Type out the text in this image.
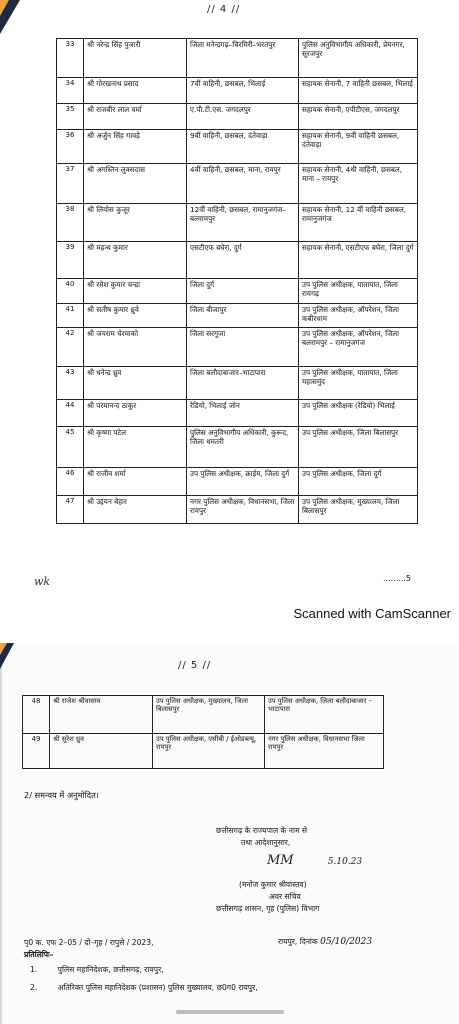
// 4 //
33	श्री नरेन्द्र सिंह पुजारी	जिला मनेन्द्रगढ़–चिरमिरी–भरतपुर	पुलिस अनुविभागीय अधिकारी, प्रेमनगर, सूरजपुर
34	श्री गोरखनाथ प्रसाद	7वीं वाहिनी, छसबल, भिलाई	सहायक सेनानी, 7 वाहिनी छसबल, भिलाई
35	श्री राजबीर लाल वर्मा	ए.पी.टी.एस. जगदलपुर	सहायक सेनानी, एपीटीएस, जगदलपुर
36	श्री अर्जुन सिंह गावड़े	9वीं वाहिनी, छसबल, दंतेवाड़ा	सहायक सेनानी, 9वीं वाहिनी छसबल, दंतेवाड़ा
37	श्री अगस्तिन लुक्सदास	4वीं वाहिनी, छसबल, माना, रायपुर	सहायक सेनानी, 4थी वाहिनी, छसबल, माना – रायपुर
38	श्री लियोस कुजूर	12वीं वाहिनी, छसबल, रामानुजगंज–बलरामपुर	सहायक सेनानी, 12 वीं वाहिनी छसबल, रामानुजगंज
39	श्री महन्थ कुमार	एसटीएफ बघेरा, दुर्ग	सहायक सेनानी, एसटीएफ बघेरा, जिला दुर्ग
40	श्री रमेश कुमार चन्द्रा	जिला दुर्ग	उप पुलिस अधीक्षक, यातायात, जिला रायगढ़
41	श्री सतीष कुमार ध्रुवे	जिला बीजापुर	उप पुलिस अधीक्षक, ऑपरेशन, जिला कबीरधाम
42	श्री जयराम चेरमाको	जिला सरगुजा	उप पुलिस अधीक्षक, ऑपरेशन, जिला बलरामपुर – रामानुजगंज
43	श्री धनेन्द्र ध्रुव	जिला बलौदाबाजार–भाटापारा	उप पुलिस अधीक्षक, यातायात, जिला महासमुंद
44	श्री परमानन्द ठाकुर	रेडियो, भिलाई जोन	उप पुलिस अधीक्षक (रेडियो) भिलाई
45	श्री कृष्णा पटेल	पुलिस अनुविभागीय अधिकारी, कुरूद, जिला धमतरी	उप पुलिस अधीक्षक, जिला बिलासपुर
46	श्री राजीव शर्मा	उप पुलिस अधीक्षक, क्राईम, जिला दुर्ग	उप पुलिस अधीक्षक, जिला दुर्ग
47	श्री उद्दयन बेहार	नगर पुलिस अधीक्षक, विधानसभा, जिला रायपुर	उप पुलिस अधीक्षक, मुख्यालय, जिला बिलासपुर
wk	.........5
Scanned with CamScanner
// 5 //
48	श्री राजेश श्रीवास्तव	उप पुलिस अधीक्षक, मुख्यालय, जिला बिलासपुर	उप पुलिस अधीक्षक, जिला बलौदाबाजार – भाटापारा
49	श्री सुरेश ध्रुव	उप पुलिस अधीक्षक, एसीबी / ईओडब्ल्यू, रायपुर	नगर पुलिस अधीक्षक, विधानसभा जिला रायपुर
2/ समन्वय में अनुमोदित।
छत्तीसगढ़ के राज्यपाल के नाम से
तथा आदेशानुसार,
MM	5.10.23
(मनोज कुमार श्रीवास्तव)
अवर सचिव
छत्तीसगढ़ शासन, गृह (पुलिस) विभाग
पृ0 क. एफ 2–05 / दो–गृह / रापुसे / 2023,	रायपुर, दिनांक 05/10/2023
प्रतिलिपिः–
1.	पुलिस महानिदेशक, छत्तीसगढ़, रायपुर,
2.	अतिरिक्त पुलिस महानिदेशक (प्रशासन) पुलिस मुख्यालय, छ0ग0 रायपुर,
